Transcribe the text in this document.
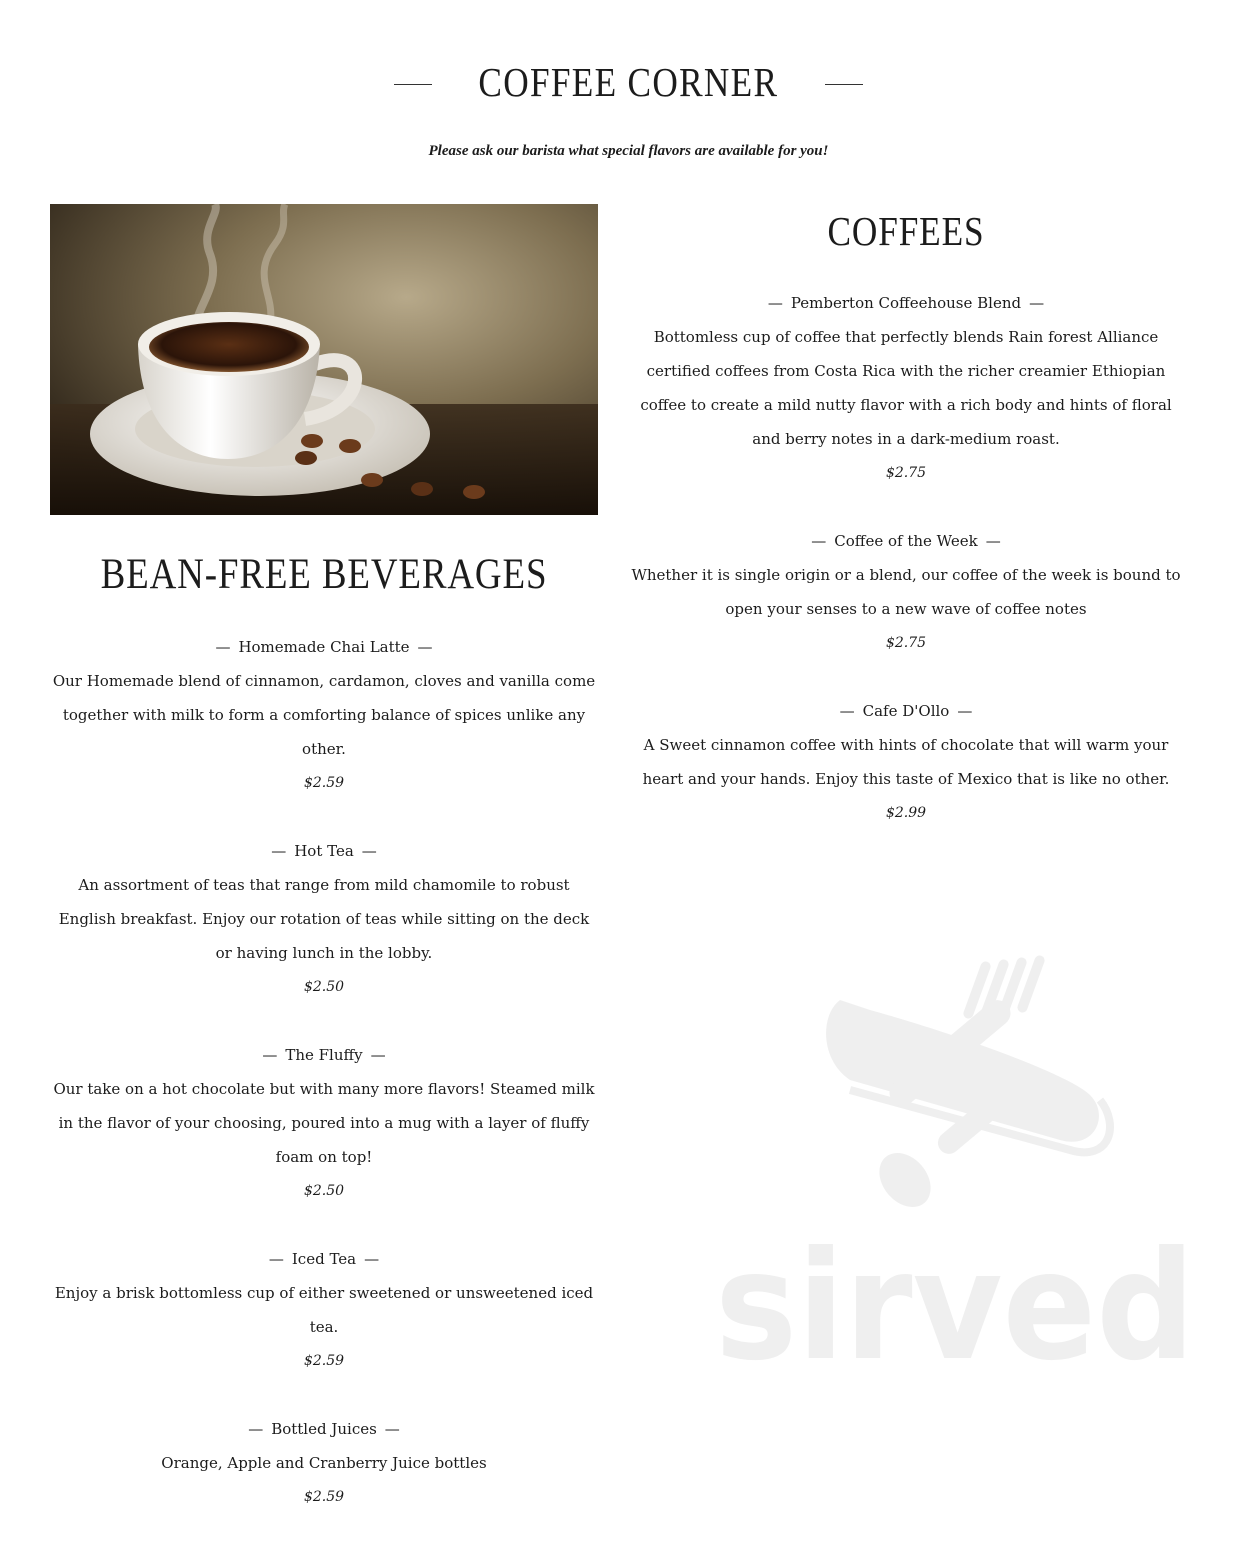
COFFEE CORNER

Please ask our barista what special flavors are available for you!

BEAN-FREE BEVERAGES
— Homemade Chai Latte —
Our Homemade blend of cinnamon, cardamon, cloves and vanilla come together with milk to form a comforting balance of spices unlike any other.
$2.59
— Hot Tea —
An assortment of teas that range from mild chamomile to robust English breakfast. Enjoy our rotation of teas while sitting on the deck or having lunch in the lobby.
$2.50
— The Fluffy —
Our take on a hot chocolate but with many more flavors! Steamed milk in the flavor of your choosing, poured into a mug with a layer of fluffy foam on top!
$2.50
— Iced Tea —
Enjoy a brisk bottomless cup of either sweetened or unsweetened iced tea.
$2.59
— Bottled Juices —
Orange, Apple and Cranberry Juice bottles
$2.59
COFFEES
— Pemberton Coffeehouse Blend —
Bottomless cup of coffee that perfectly blends Rain forest Alliance certified coffees from Costa Rica with the richer creamier Ethiopian coffee to create a mild nutty flavor with a rich body and hints of floral and berry notes in a dark-medium roast.
$2.75
— Coffee of the Week —
Whether it is single origin or a blend, our coffee of the week is bound to open your senses to a new wave of coffee notes
$2.75
— Cafe D'Ollo —
A Sweet cinnamon coffee with hints of chocolate that will warm your heart and your hands. Enjoy this taste of Mexico that is like no other.
$2.99
sirved
